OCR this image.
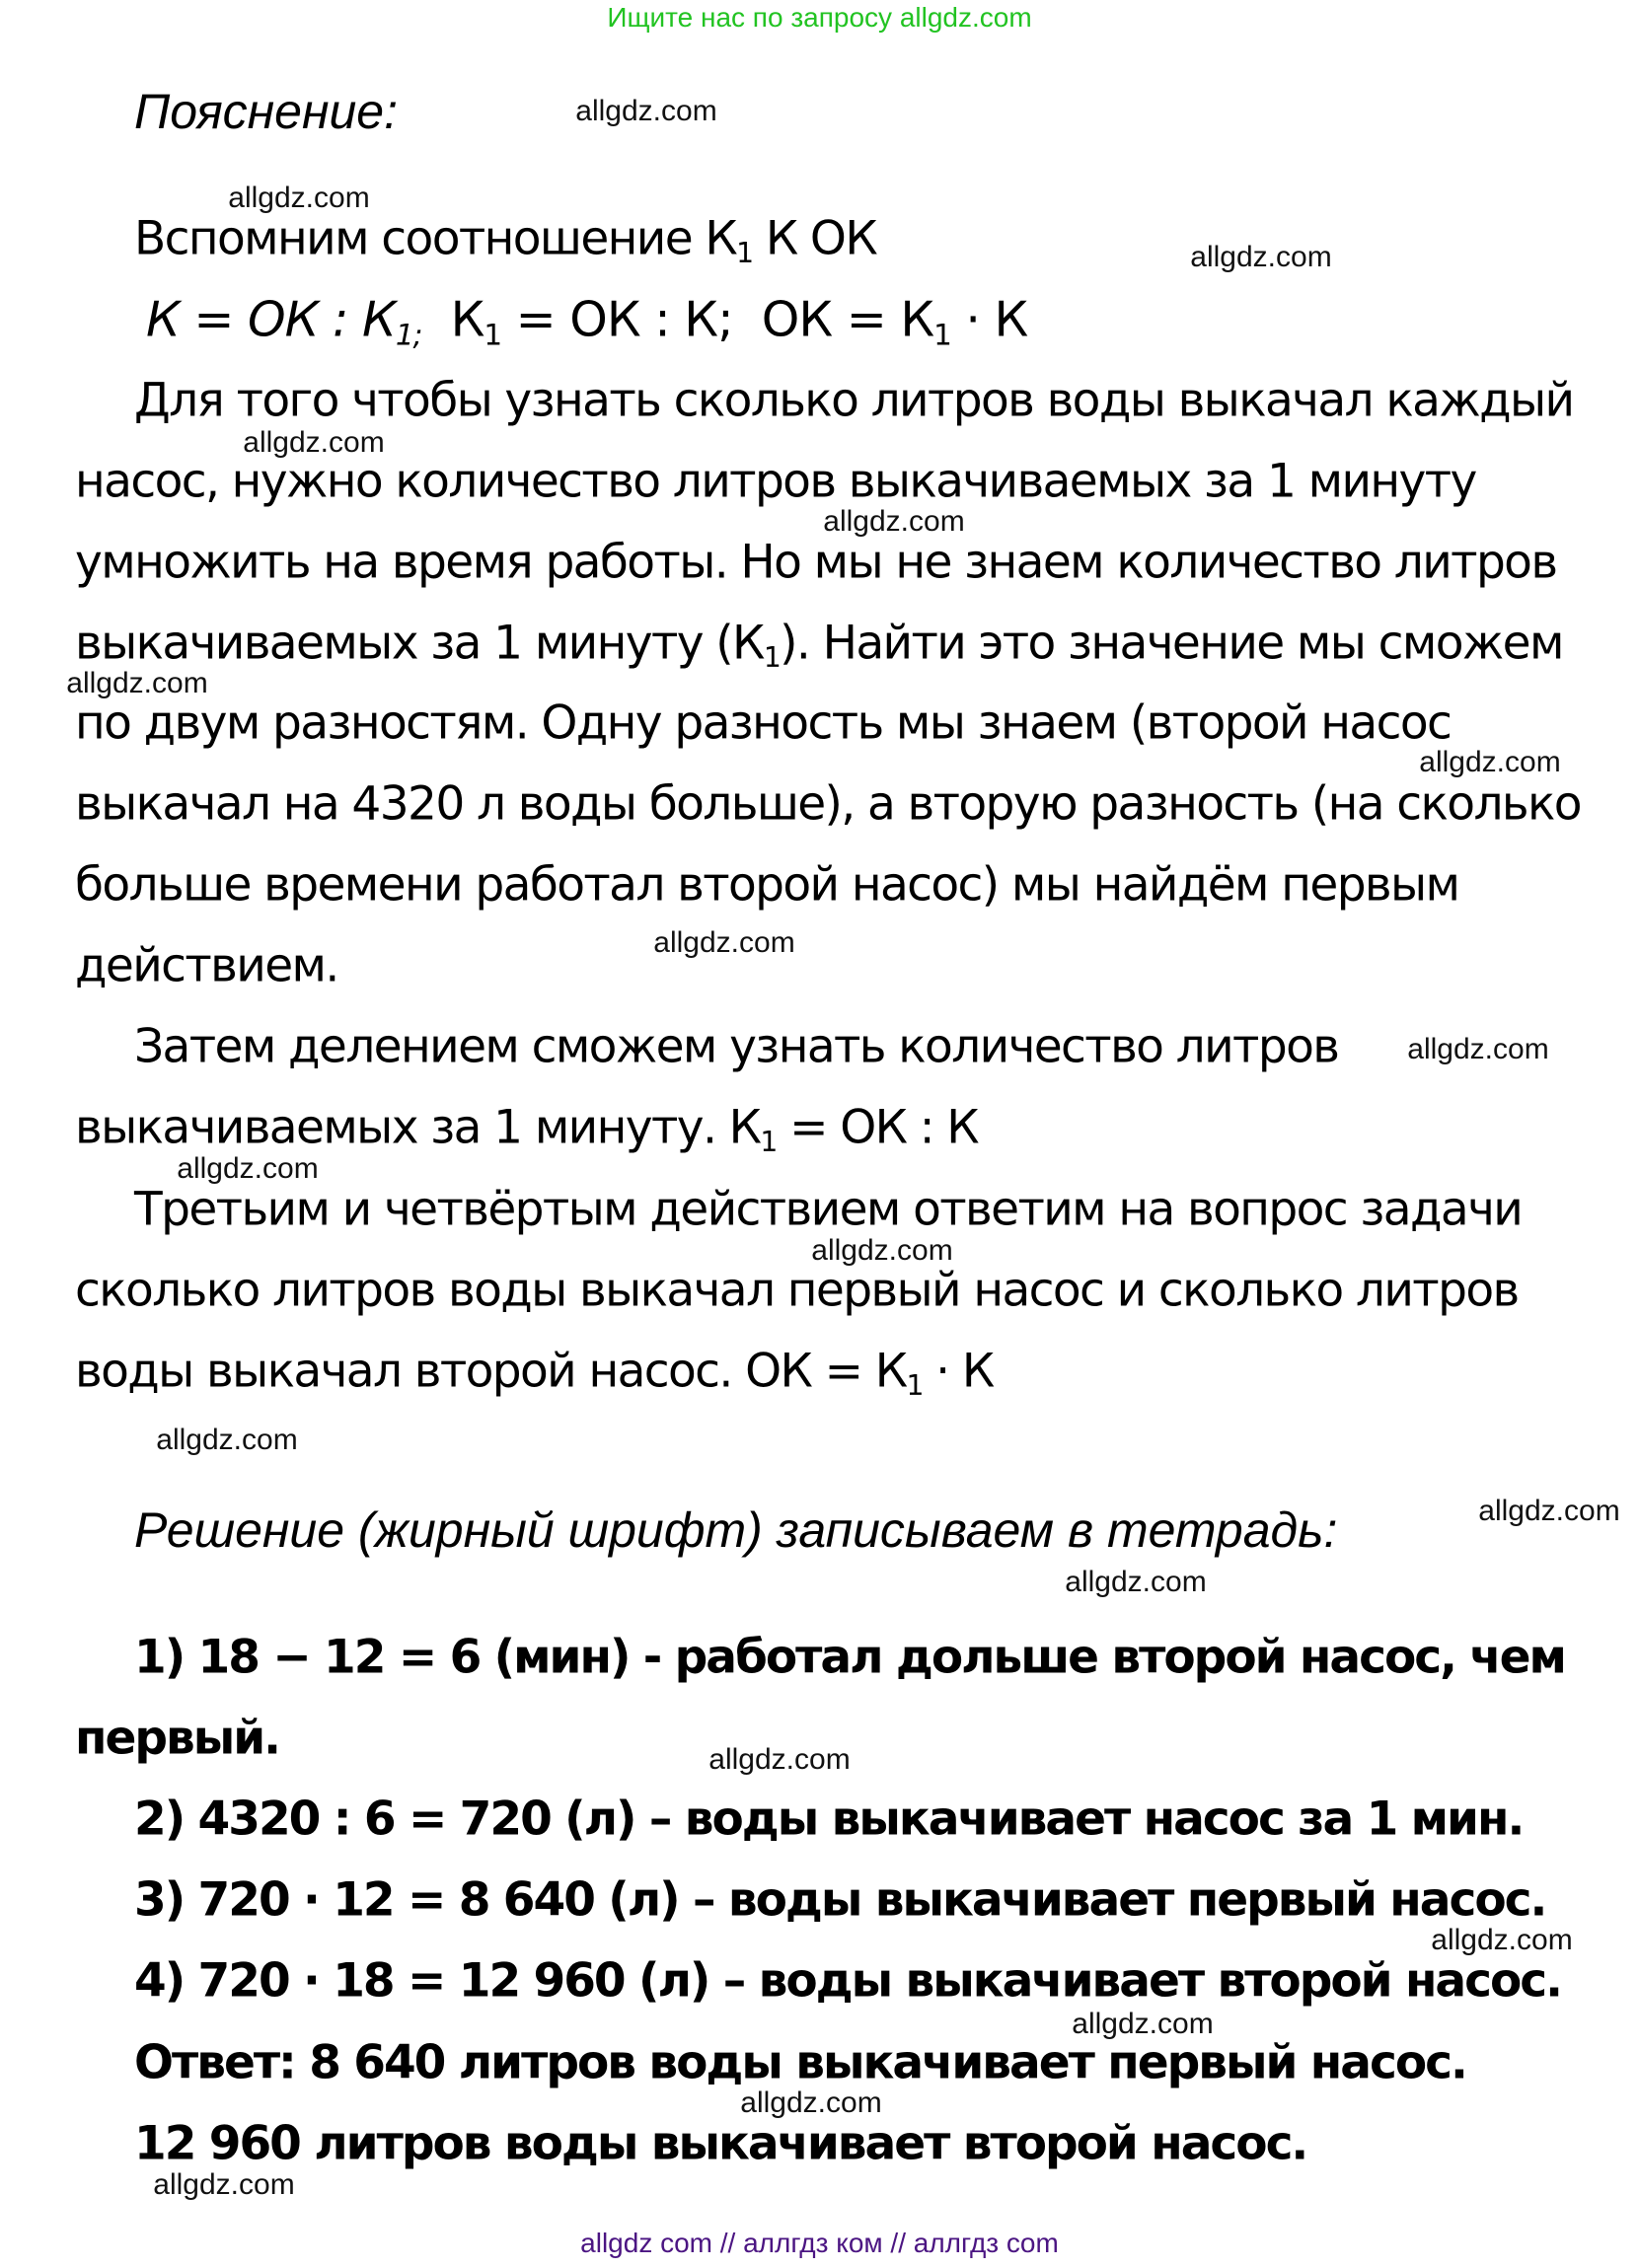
Ищите нас по запросу allgdz.com
Пояснение:
Вспомним соотношение $К_1$ К ОК
К = ОК : $К_{1;}$ $К_1$ = ОК : К; ОК = $К_1 \cdot К$
Для того чтобы узнать сколько литров воды выкачал каждый
насос, нужно количество литров выкачиваемых за 1 минуту
умножить на время работы. Но мы не знаем количество литров
выкачиваемых за 1 минуту $(К_1)$. Найти это значение мы сможем
по двум разностям. Одну разность мы знаем (второй насос
выкачал на 4320 л воды больше), а вторую разность (на сколько
больше времени работал второй насос) мы найдём первым
действием.
Затем делением сможем узнать количество литров
выкачиваемых за 1 минуту. $К_1$ = ОК : К
Третьим и четвёртым действием ответим на вопрос задачи
сколько литров воды выкачал первый насос и сколько литров
воды выкачал второй насос. ОК = $К_1 \cdot К$
Решение (жирный шрифт) записываем в тетрадь:
1) 18 − 12 = 6 (мин) - работал дольше второй насос, чем
первый.
2) 4320 : 6 = 720 (л) – воды выкачивает насос за 1 мин.
3) 720 · 12 = 8 640 (л) – воды выкачивает первый насос.
4) 720 · 18 = 12 960 (л) – воды выкачивает второй насос.
Ответ: 8 640 литров воды выкачивает первый насос.
12 960 литров воды выкачивает второй насос.
allgdz.com
allgdz.com
allgdz.com
allgdz.com
allgdz.com
allgdz.com
allgdz.com
allgdz.com
allgdz.com
allgdz.com
allgdz.com
allgdz.com
allgdz.com
allgdz.com
allgdz.com
allgdz.com
allgdz.com
allgdz.com
allgdz.com
allgdz com // аллгдз ком // аллгдз com
